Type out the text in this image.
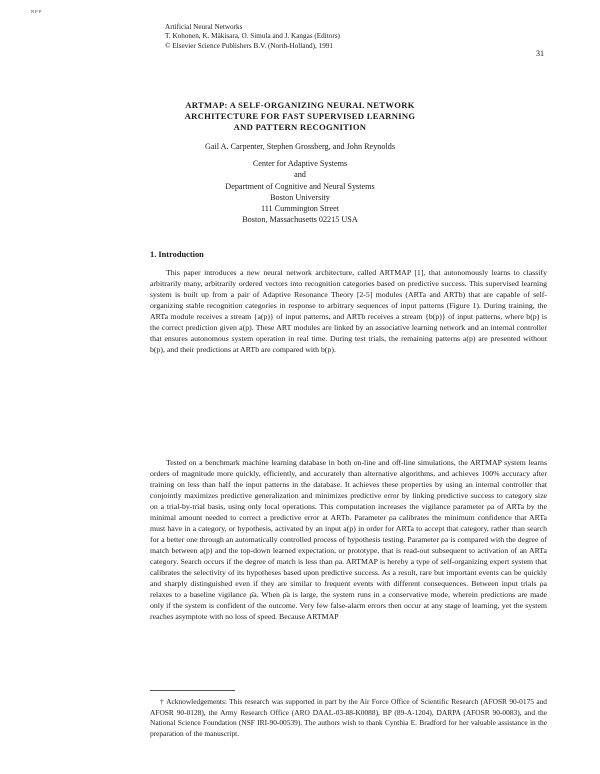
ɴᴘᴘ
Artificial Neural Networks
T. Kohonen, K. Mäkisara, O. Simula and J. Kangas (Editors)
© Elsevier Science Publishers B.V. (North-Holland), 1991
31
ARTMAP: A SELF-ORGANIZING NEURAL NETWORK
ARCHITECTURE FOR FAST SUPERVISED LEARNING
AND PATTERN RECOGNITION
Gail A. Carpenter, Stephen Grossberg, and John Reynolds
Center for Adaptive Systems
and
Department of Cognitive and Neural Systems
Boston University
111 Cummington Street
Boston, Massachusetts 02215 USA
1. Introduction

This paper introduces a new neural network architecture, called ARTMAP [1], that autonomously learns to classify arbitrarily many, arbitrarily ordered vectors into recognition categories based on predictive success. This supervised learning system is built up from a pair of Adaptive Resonance Theory [2-5] modules (ARTa and ARTb) that are capable of self-organizing stable recognition categories in response to arbitrary sequences of input patterns (Figure 1). During training, the ARTa module receives a stream {a(p)} of input patterns, and ARTb receives a stream {b(p)} of input patterns, where b(p) is the correct prediction given a(p). These ART modules are linked by an associative learning network and an internal controller that ensures autonomous system operation in real time. During test trials, the remaining patterns a(p) are presented without b(p), and their predictions at ARTb are compared with b(p).

Tested on a benchmark machine learning database in both on-line and off-line simulations, the ARTMAP system learns orders of magnitude more quickly, efficiently, and accurately than alternative algorithms, and achieves 100% accuracy after training on less than half the input patterns in the database. It achieves these properties by using an internal controller that conjointly maximizes predictive generalization and minimizes predictive error by linking predictive success to category size on a trial-by-trial basis, using only local operations. This computation increases the vigilance parameter ρa of ARTa by the minimal amount needed to correct a predictive error at ARTb. Parameter ρa calibrates the minimum confidence that ARTa must have in a category, or hypothesis, activated by an input a(p) in order for ARTa to accept that category, rather than search for a better one through an automatically controlled process of hypothesis testing. Parameter ρa is compared with the degree of match between a(p) and the top-down learned expectation, or prototype, that is read-out subsequent to activation of an ARTa category. Search occurs if the degree of match is less than ρa. ARTMAP is hereby a type of self-organizing expert system that calibrates the selectivity of its hypotheses based upon predictive success. As a result, rare but important events can be quickly and sharply distinguished even if they are similar to frequent events with different consequences. Between input trials ρa relaxes to a baseline vigilance ρ̄a. When ρ̄a is large, the system runs in a conservative mode, wherein predictions are made only if the system is confident of the outcome. Very few false-alarm errors then occur at any stage of learning, yet the system reaches asymptote with no loss of speed. Because ARTMAP

† Acknowledgements: This research was supported in part by the Air Force Office of Scientific Research (AFOSR 90-0175 and AFOSR 90-0128), the Army Research Office (ARO DAAL-03-88-K0088), BP (89-A-1204), DARPA (AFOSR 90-0083), and the National Science Foundation (NSF IRI-90-00539). The authors wish to thank Cynthia E. Bradford for her valuable assistance in the preparation of the manuscript.
